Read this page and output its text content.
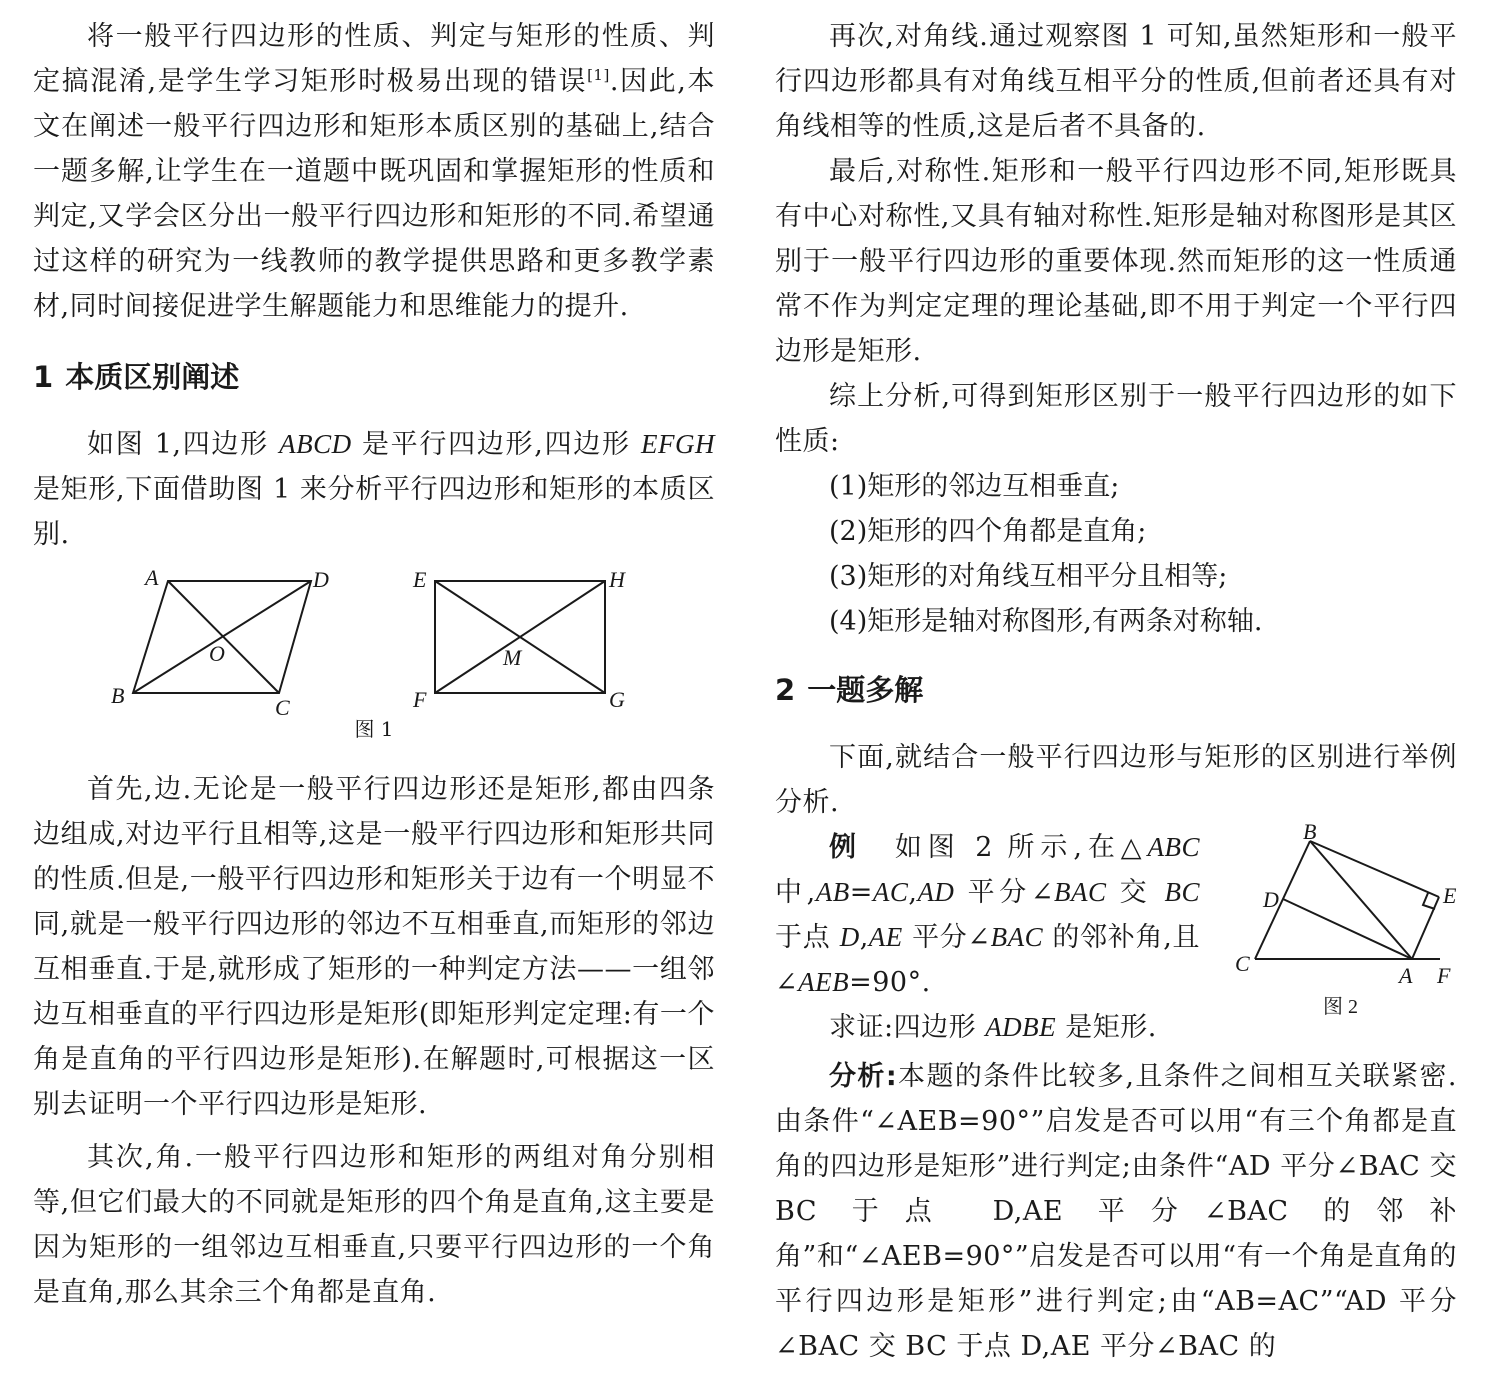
将一般平行四边形的性质、判定与矩形的性质、判定搞混淆,是学生学习矩形时极易出现的错误[1].因此,本文在阐述一般平行四边形和矩形本质区别的基础上,结合一题多解,让学生在一道题中既巩固和掌握矩形的性质和判定,又学会区分出一般平行四边形和矩形的不同.希望通过这样的研究为一线教师的教学提供思路和更多教学素材,同时间接促进学生解题能力和思维能力的提升.

1 本质区别阐述

如图 1,四边形 ABCD 是平行四边形,四边形 EFGH 是矩形,下面借助图 1 来分析平行四边形和矩形的本质区别.

A	D
O
B	C
E	H
M
F	G
图 1

首先,边.无论是一般平行四边形还是矩形,都由四条边组成,对边平行且相等,这是一般平行四边形和矩形共同的性质.但是,一般平行四边形和矩形关于边有一个明显不同,就是一般平行四边形的邻边不互相垂直,而矩形的邻边互相垂直.于是,就形成了矩形的一种判定方法——一组邻边互相垂直的平行四边形是矩形(即矩形判定定理:有一个角是直角的平行四边形是矩形).在解题时,可根据这一区别去证明一个平行四边形是矩形.

其次,角.一般平行四边形和矩形的两组对角分别相等,但它们最大的不同就是矩形的四个角是直角,这主要是因为矩形的一组邻边互相垂直,只要平行四边形的一个角是直角,那么其余三个角都是直角.

再次,对角线.通过观察图 1 可知,虽然矩形和一般平行四边形都具有对角线互相平分的性质,但前者还具有对角线相等的性质,这是后者不具备的.

最后,对称性.矩形和一般平行四边形不同,矩形既具有中心对称性,又具有轴对称性.矩形是轴对称图形是其区别于一般平行四边形的重要体现.然而矩形的这一性质通常不作为判定定理的理论基础,即不用于判定一个平行四边形是矩形.

综上分析,可得到矩形区别于一般平行四边形的如下性质:

(1)矩形的邻边互相垂直;

(2)矩形的四个角都是直角;

(3)矩形的对角线互相平分且相等;

(4)矩形是轴对称图形,有两条对称轴.

2 一题多解

下面,就结合一般平行四边形与矩形的区别进行举例分析.

例　 如图 2 所示,在△ABC 中,AB=AC,AD 平分∠BAC 交 BC 于点 D,AE 平分∠BAC 的邻补角,且∠AEB=90°.

求证:四边形 ADBE 是矩形.

B
D	E
C	A F
图 2

分析:本题的条件比较多,且条件之间相互关联紧密.由条件“∠AEB=90°”启发是否可以用“有三个角都是直角的四边形是矩形”进行判定;由条件“AD 平分∠BAC 交 BC 于点 D,AE 平分∠BAC 的邻补角”和“∠AEB=90°”启发是否可以用“有一个角是直角的平行四边形是矩形”进行判定;由“AB=AC”“AD 平分∠BAC 交 BC 于点 D,AE 平分∠BAC 的
